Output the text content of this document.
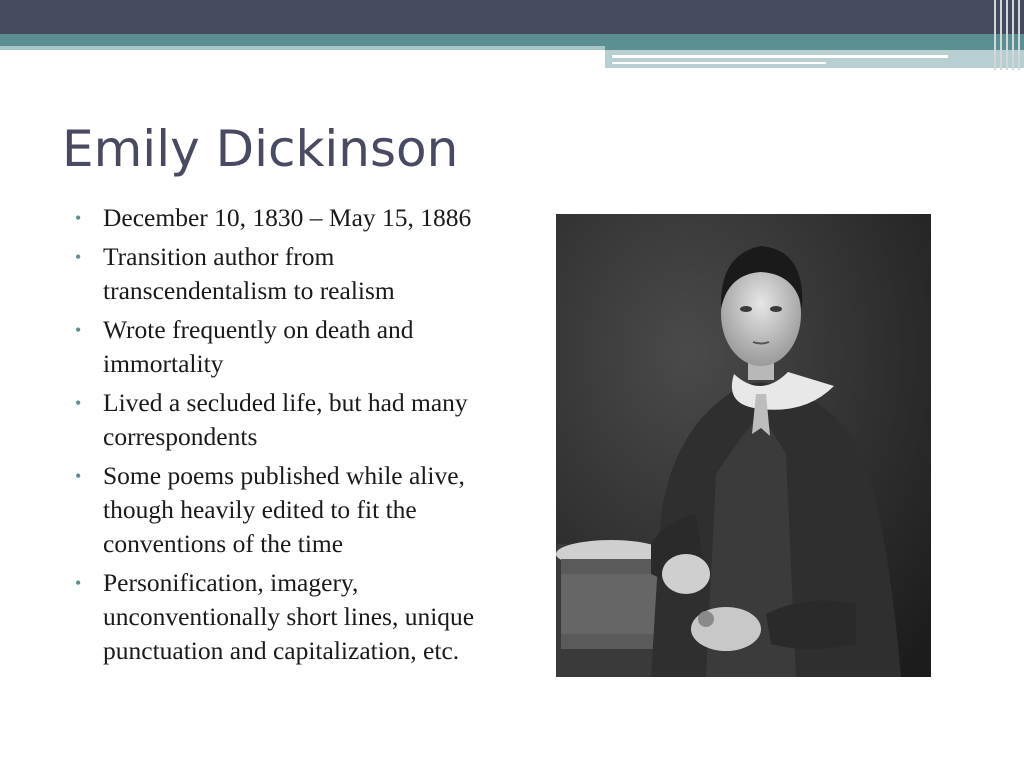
Emily Dickinson
• December 10, 1830 – May 15, 1886
• Transition author from transcendentalism to realism
• Wrote frequently on death and immortality
• Lived a secluded life, but had many correspondents
• Some poems published while alive, though heavily edited to fit the conventions of the time
• Personification, imagery, unconventionally short lines, unique punctuation and capitalization, etc.
